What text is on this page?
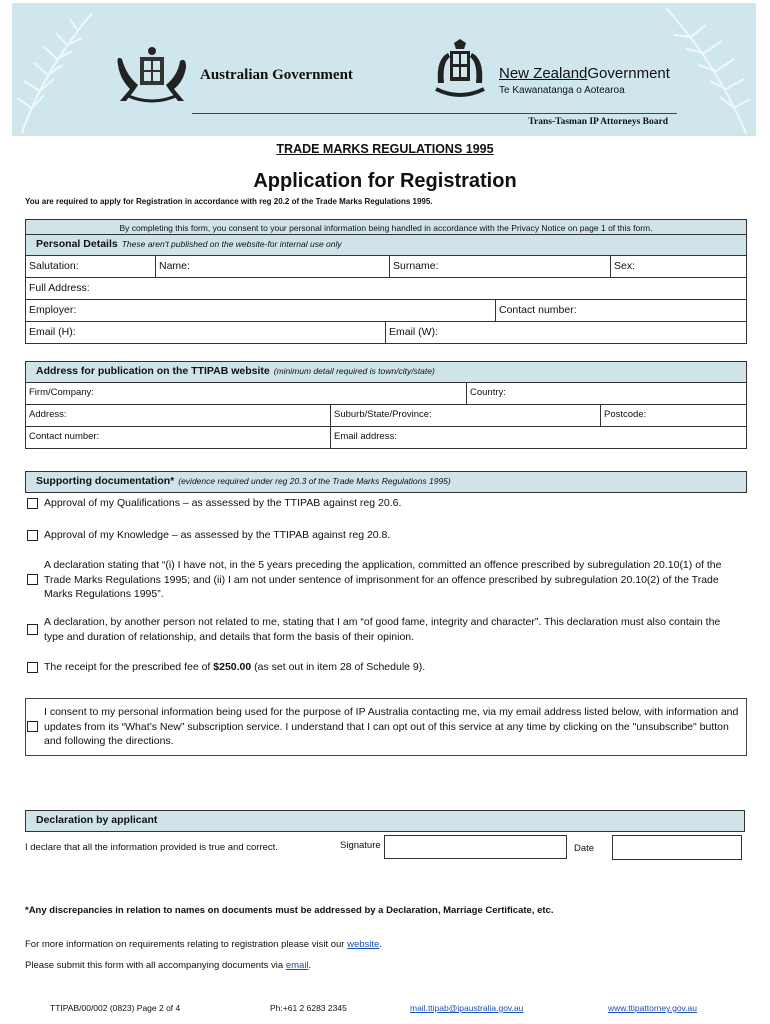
Australian Government	New ZealandGovernment
Te Kawanatanga o Aotearoa
Trans-Tasman IP Attorneys Board
TRADE MARKS REGULATIONS 1995
Application for Registration
You are required to apply for Registration in accordance with reg 20.2 of the Trade Marks Regulations 1995.
By completing this form, you consent to your personal information being handled in accordance with the Privacy Notice on page 1 of this form.
Personal Details These aren't published on the website-for internal use only
Salutation:	Name:	Surname:	Sex:
Full Address:
Employer:	Contact number:
Email (H):	Email (W):
Address for publication on the TTIPAB website (minimum detail required is town/city/state)
Firm/Company:	Country:
Address:	Suburb/State/Province:	Postcode:
Contact number:	Email address:
Supporting documentation* (evidence required under reg 20.3 of the Trade Marks Regulations 1995)
Approval of my Qualifications – as assessed by the TTIPAB against reg 20.6.
Approval of my Knowledge – as assessed by the TTIPAB against reg 20.8.
A declaration stating that “(i) I have not, in the 5 years preceding the application, committed an offence prescribed by subregulation 20.10(1) of the Trade Marks Regulations 1995; and (ii) I am not under sentence of imprisonment for an offence prescribed by subregulation 20.10(2) of the Trade Marks Regulations 1995”.
A declaration, by another person not related to me, stating that I am “of good fame, integrity and character”. This declaration must also contain the type and duration of relationship, and details that form the basis of their opinion.
The receipt for the prescribed fee of $250.00 (as set out in item 28 of Schedule 9).
I consent to my personal information being used for the purpose of IP Australia contacting me, via my email address listed below, with information and updates from its “What’s New” subscription service. I understand that I can opt out of this service at any time by clicking on the "unsubscribe" button and following the directions.
Declaration by applicant
I declare that all the information provided is true and correct.	Signature	Date
*Any discrepancies in relation to names on documents must be addressed by a Declaration, Marriage Certificate, etc.
For more information on requirements relating to registration please visit our website.
Please submit this form with all accompanying documents via email.
TTIPAB/00/002 (0823) Page 2 of 4	Ph:+61 2 6283 2345	mail.ttipab@ipaustralia.gov.au	www.ttipattorney.gov.au
